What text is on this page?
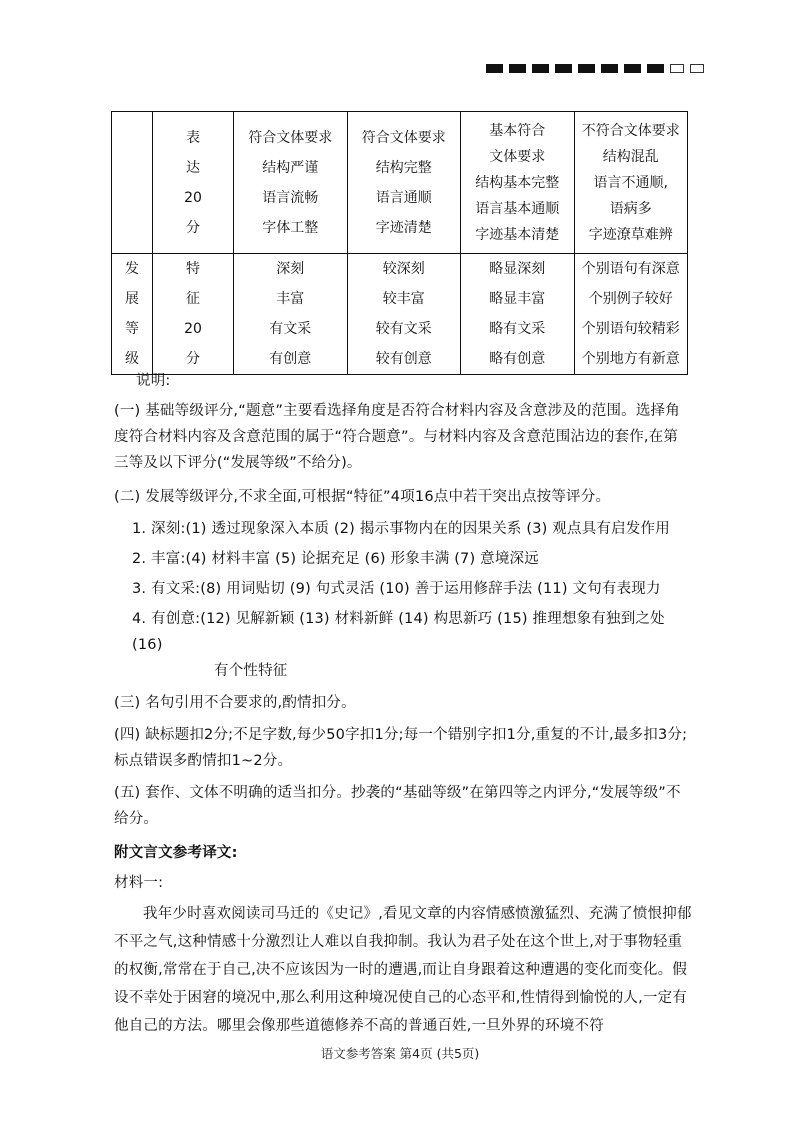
	表
达
20
分	符合文体要求
结构严谨
语言流畅
字体工整	符合文体要求
结构完整
语言通顺
字迹清楚	基本符合
文体要求
结构基本完整
语言基本通顺
字迹基本清楚	不符合文体要求
结构混乱
语言不通顺,
语病多
字迹潦草难辨

发
展
等
级	特
征
20
分	深刻
丰富
有文采
有创意	较深刻
较丰富
较有文采
较有创意	略显深刻
略显丰富
略有文采
略有创意	个别语句有深意
个别例子较好
个别语句较精彩
个别地方有新意

说明:

(一) 基础等级评分,“题意”主要看选择角度是否符合材料内容及含意涉及的范围。选择角度符合材料内容及含意范围的属于“符合题意”。与材料内容及含意范围沾边的套作,在第三等及以下评分(“发展等级”不给分)。

(二) 发展等级评分,不求全面,可根据“特征”4项16点中若干突出点按等评分。

1. 深刻:(1) 透过现象深入本质 (2) 揭示事物内在的因果关系 (3) 观点具有启发作用

2. 丰富:(4) 材料丰富 (5) 论据充足 (6) 形象丰满 (7) 意境深远

3. 有文采:(8) 用词贴切 (9) 句式灵活 (10) 善于运用修辞手法 (11) 文句有表现力

4. 有创意:(12) 见解新颖 (13) 材料新鲜 (14) 构思新巧 (15) 推理想象有独到之处 (16)

有个性特征

(三) 名句引用不合要求的,酌情扣分。

(四) 缺标题扣2分;不足字数,每少50字扣1分;每一个错别字扣1分,重复的不计,最多扣3分;标点错误多酌情扣1~2分。

(五) 套作、文体不明确的适当扣分。抄袭的“基础等级”在第四等之内评分,“发展等级”不给分。

附文言文参考译文:

材料一:

我年少时喜欢阅读司马迁的《史记》,看见文章的内容情感愤激猛烈、充满了愤恨抑郁不平之气,这种情感十分激烈让人难以自我抑制。我认为君子处在这个世上,对于事物轻重的权衡,常常在于自己,决不应该因为一时的遭遇,而让自身跟着这种遭遇的变化而变化。假设不幸处于困窘的境况中,那么利用这种境况使自己的心态平和,性情得到愉悦的人,一定有他自己的方法。哪里会像那些道德修养不高的普通百姓,一旦外界的环境不符

语文参考答案 第4页 (共5页)
